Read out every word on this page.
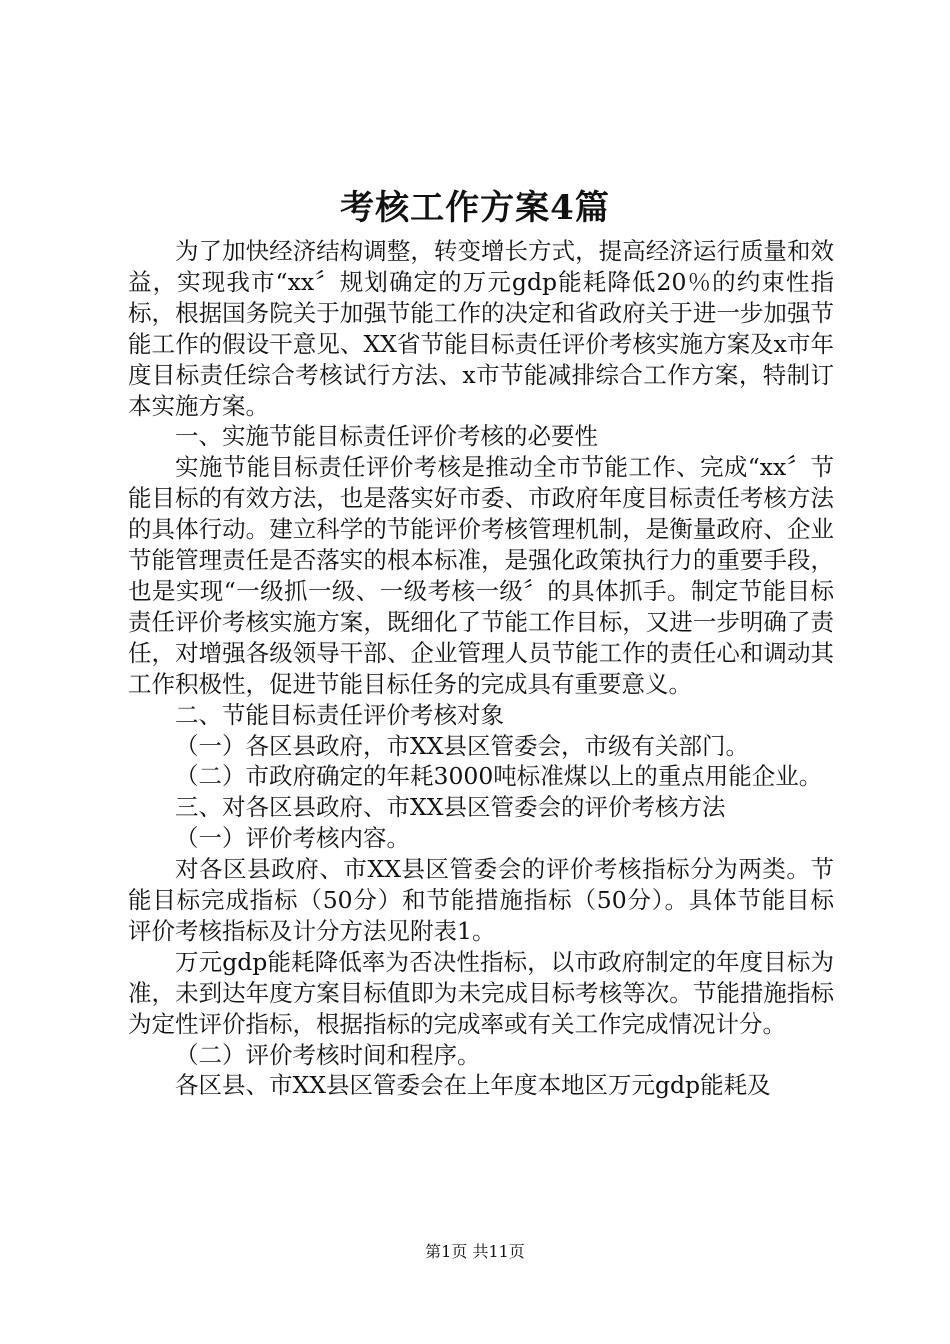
考核工作方案4篇

为了加快经济结构调整，转变增长方式，提高经济运行质量和效益，实现我市“xx〞规划确定的万元gdp能耗降低20％的约束性指标，根据国务院关于加强节能工作的决定和省政府关于进一步加强节能工作的假设干意见、XX省节能目标责任评价考核实施方案及x市年度目标责任综合考核试行方法、x市节能减排综合工作方案，特制订本实施方案。

一、实施节能目标责任评价考核的必要性

实施节能目标责任评价考核是推动全市节能工作、完成“xx〞节能目标的有效方法，也是落实好市委、市政府年度目标责任考核方法的具体行动。建立科学的节能评价考核管理机制，是衡量政府、企业节能管理责任是否落实的根本标准，是强化政策执行力的重要手段，也是实现“一级抓一级、一级考核一级〞的具体抓手。制定节能目标责任评价考核实施方案，既细化了节能工作目标，又进一步明确了责任，对增强各级领导干部、企业管理人员节能工作的责任心和调动其工作积极性，促进节能目标任务的完成具有重要意义。

二、节能目标责任评价考核对象

（一）各区县政府，市XX县区管委会，市级有关部门。

（二）市政府确定的年耗3000吨标准煤以上的重点用能企业。

三、对各区县政府、市XX县区管委会的评价考核方法

（一）评价考核内容。

对各区县政府、市XX县区管委会的评价考核指标分为两类。节能目标完成指标（50分）和节能措施指标（50分）。具体节能目标评价考核指标及计分方法见附表1。

万元gdp能耗降低率为否决性指标，以市政府制定的年度目标为准，未到达年度方案目标值即为未完成目标考核等次。节能措施指标为定性评价指标，根据指标的完成率或有关工作完成情况计分。

（二）评价考核时间和程序。

各区县、市XX县区管委会在上年度本地区万元gdp能耗及

第1页 共11页
